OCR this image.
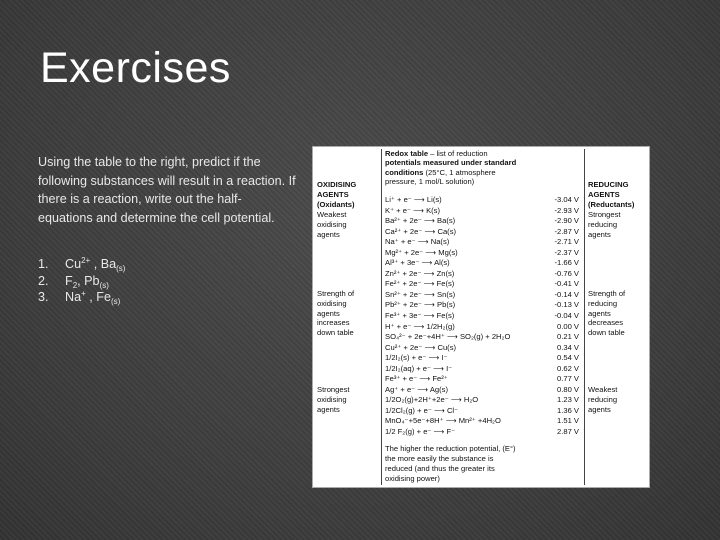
Exercises

Using the table to the right, predict if the following substances will result in a reaction. If there is a reaction, write out the half-equations and determine the cell potential.

1.	$Cu^{2+}$ , $Ba_{(s)}$
2.	$F_2$, $Pb_{(s)}$
3.	Na+ , $Fe_{(s)}$
Redox table – list of reduction
potentials measured under standard
conditions (25°C, 1 atmosphere
pressure, 1 mol/L solution)
OXIDISING
AGENTS
(Oxidants)
Weakest
oxidising
agents
Strength of
oxidising
agents
increases
down table
Strongest
oxidising
agents
REDUCING
AGENTS
(Reductants)
Strongest
reducing
agents
Strength of
reducing
agents
decreases
down table
Weakest
reducing
agents
Li⁺ + e⁻ ⟶ Li(s)	-3.04 V
K⁺ + e⁻ ⟶ K(s)	-2.93 V
Ba²⁺ + 2e⁻ ⟶ Ba(s)	-2.90 V
Ca²⁺ + 2e⁻ ⟶ Ca(s)	-2.87 V
Na⁺ + e⁻ ⟶ Na(s)	-2.71 V
Mg²⁺ + 2e⁻ ⟶ Mg(s)	-2.37 V
Al³⁺ + 3e⁻ ⟶ Al(s)	-1.66 V
Zn²⁺ + 2e⁻ ⟶ Zn(s)	-0.76 V
Fe²⁺ + 2e⁻ ⟶ Fe(s)	-0.41 V
Sn²⁺ + 2e⁻ ⟶ Sn(s)	-0.14 V
Pb²⁺ + 2e⁻ ⟶ Pb(s)	-0.13 V
Fe³⁺ + 3e⁻ ⟶ Fe(s)	-0.04 V
H⁺ + e⁻ ⟶ 1/2H₂(g)	0.00 V
SO₄²⁻ + 2e⁻+4H⁺ ⟶ SO₂(g) + 2H₂O	0.21 V
Cu²⁺ + 2e⁻ ⟶ Cu(s)	0.34 V
1/2I₂(s) + e⁻ ⟶ I⁻	0.54 V
1/2I₂(aq) + e⁻ ⟶ I⁻	0.62 V
Fe³⁺ + e⁻ ⟶ Fe²⁺	0.77 V
Ag⁺ + e⁻ ⟶ Ag(s)	0.80 V
1/2O₂(g)+2H⁺+2e⁻ ⟶ H₂O	1.23 V
1/2Cl₂(g) + e⁻ ⟶ Cl⁻	1.36 V
MnO₄⁻+5e⁻+8H⁺ ⟶ Mn²⁺ +4H₂O	1.51 V
1/2 F₂(g) + e⁻ ⟶ F⁻	2.87 V
The higher the reduction potential, (E°)
the more easily the substance is
reduced (and thus the greater its
oxidising power)
